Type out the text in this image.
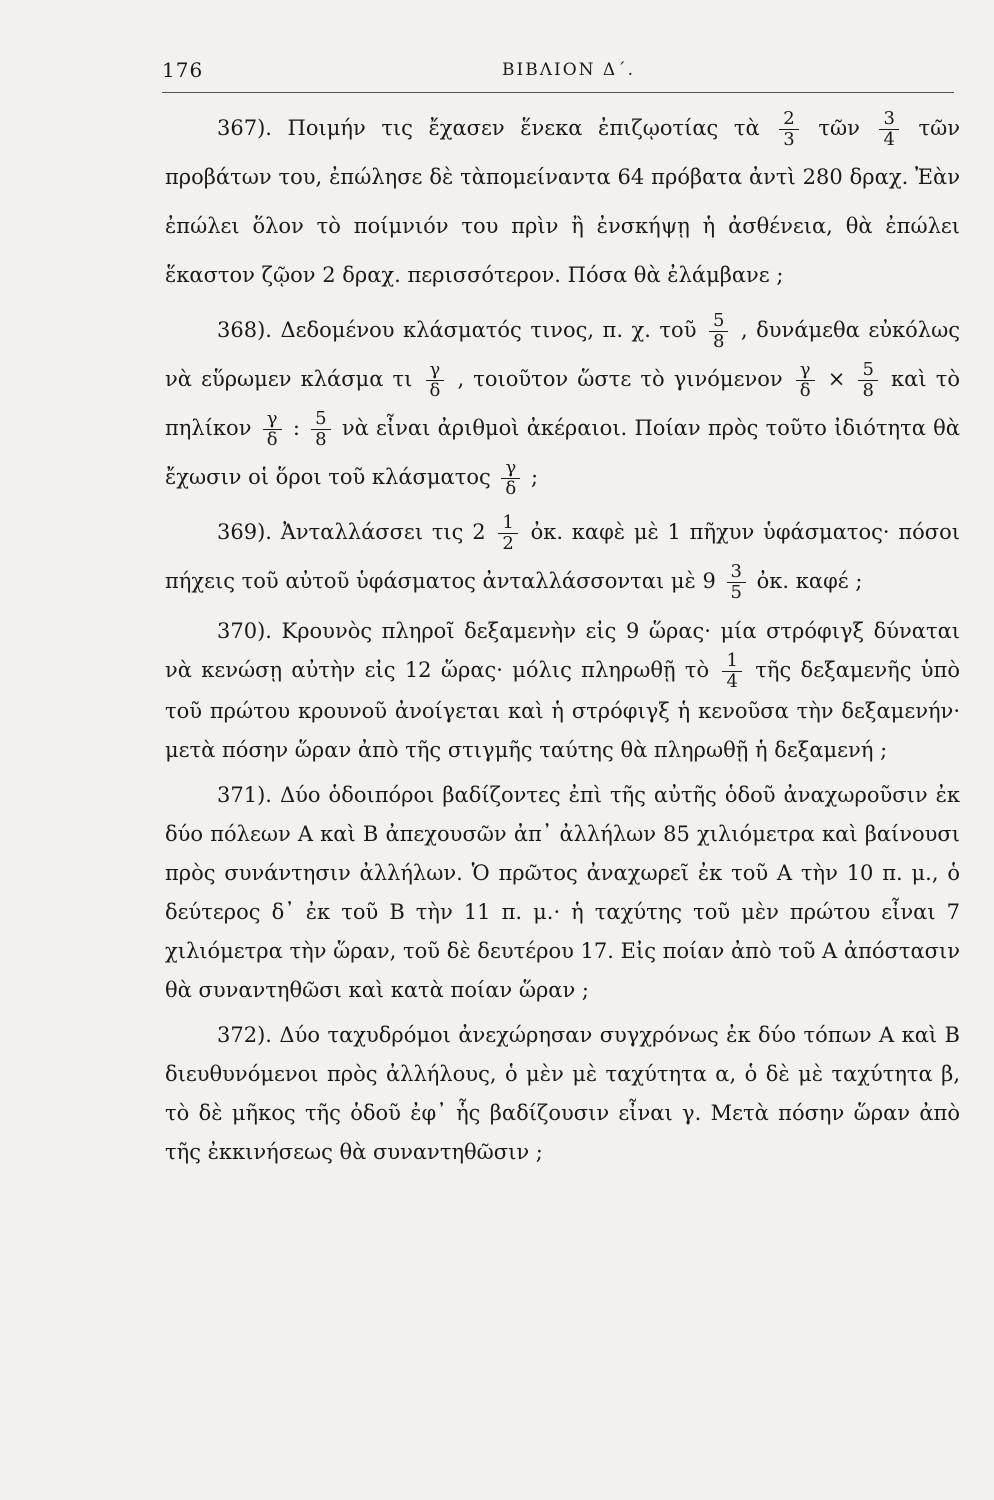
176	ΒΙΒΛΙΟΝ Δ΄.

367). Ποιμήν τις ἔχασεν ἕνεκα ἐπιζῳοτίας τὰ $\frac{2}{3}$ τῶν $\frac{3}{4}$ τῶν προβάτων του, ἐπώλησε δὲ τὰπομείναντα 64 πρόβατα ἀντὶ 280 δραχ. Ἐὰν ἐπώλει ὅλον τὸ ποίμνιόν του πρὶν ἢ ἐνσκήψῃ ἡ ἀσθένεια, θὰ ἐπώλει ἕκαστον ζῷον 2 δραχ. περισσότερον. Πόσα θὰ ἐλάμβανε ;

368). Δεδομένου κλάσματός τινος, π. χ. τοῦ $\frac{5}{8}$ , δυνάμεθα εὐκόλως νὰ εὕρωμεν κλάσμα τι $\frac{\gamma}{\delta}$ , τοιοῦτον ὥστε τὸ γινόμενον $\frac{\gamma}{\delta} \times \frac{5}{8}$ καὶ τὸ πηλίκον $\frac{\gamma}{\delta}$ : $\frac{5}{8}$ νὰ εἶναι ἀριθμοὶ ἀκέραιοι. Ποίαν πρὸς τοῦτο ἰδιότητα θὰ ἔχωσιν οἱ ὅροι τοῦ κλάσματος $\frac{\gamma}{\delta}$ ;

369). Ἀνταλλάσσει τις $2 \frac{1}{2}$ ὀκ. καφὲ μὲ 1 πῆχυν ὑφάσματος· πόσοι πήχεις τοῦ αὐτοῦ ὑφάσματος ἀνταλλάσσονται μὲ $9 \frac{3}{5}$ ὀκ. καφέ ;

370). Κρουνὸς πληροῖ δεξαμενὴν εἰς 9 ὥρας· μία στρόφιγξ δύναται νὰ κενώσῃ αὐτὴν εἰς 12 ὥρας· μόλις πληρωθῇ τὸ $\frac{1}{4}$ τῆς δεξαμενῆς ὑπὸ τοῦ πρώτου κρουνοῦ ἀνοίγεται καὶ ἡ στρόφιγξ ἡ κενοῦσα τὴν δεξαμενήν· μετὰ πόσην ὥραν ἀπὸ τῆς στιγμῆς ταύτης θὰ πληρωθῇ ἡ δεξαμενή ;

371). Δύο ὁδοιπόροι βαδίζοντες ἐπὶ τῆς αὐτῆς ὁδοῦ ἀναχωροῦσιν ἐκ δύο πόλεων Α καὶ Β ἀπεχουσῶν ἀπ᾿ ἀλλήλων 85 χιλιόμετρα καὶ βαίνουσι πρὸς συνάντησιν ἀλλήλων. Ὁ πρῶτος ἀναχωρεῖ ἐκ τοῦ Α τὴν 10 π. μ., ὁ δεύτερος δ᾿ ἐκ τοῦ Β τὴν 11 π. μ.· ἡ ταχύτης τοῦ μὲν πρώτου εἶναι 7 χιλιόμετρα τὴν ὥραν, τοῦ δὲ δευτέρου 17. Εἰς ποίαν ἀπὸ τοῦ Α ἀπόστασιν θὰ συναντηθῶσι καὶ κατὰ ποίαν ὥραν ;

372). Δύο ταχυδρόμοι ἀνεχώρησαν συγχρόνως ἐκ δύο τόπων Α καὶ Β διευθυνόμενοι πρὸς ἀλλήλους, ὁ μὲν μὲ ταχύτητα α, ὁ δὲ μὲ ταχύτητα β, τὸ δὲ μῆκος τῆς ὁδοῦ ἐφ᾿ ἧς βαδίζουσιν εἶναι γ. Μετὰ πόσην ὥραν ἀπὸ τῆς ἐκκινήσεως θὰ συναντηθῶσιν ;
